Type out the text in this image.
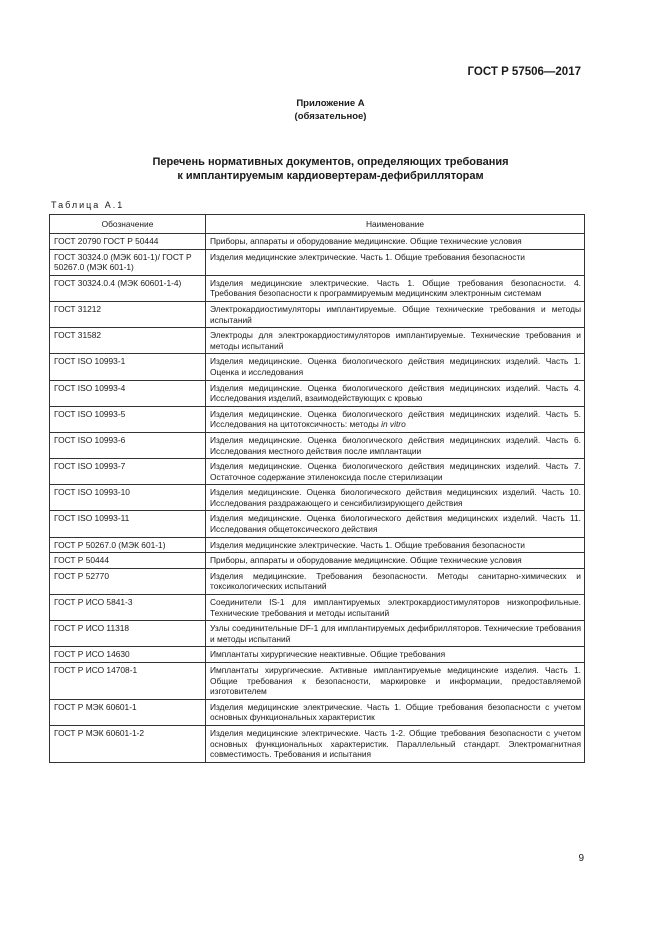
ГОСТ Р 57506—2017
Приложение А
(обязательное)
Перечень нормативных документов, определяющих требования
к имплантируемым кардиовертерам-дефибрилляторам
Таблица А.1
Обозначение	Наименование
ГОСТ 20790 ГОСТ Р 50444	Приборы, аппараты и оборудование медицинские. Общие технические условия
ГОСТ 30324.0 (МЭК 601-1)/ ГОСТ Р 50267.0 (МЭК 601-1)	Изделия медицинские электрические. Часть 1. Общие требования безопасности
ГОСТ 30324.0.4 (МЭК 60601-1-4)	Изделия медицинские электрические. Часть 1. Общие требования безопасности. 4. Требования безопасности к программируемым медицинским электронным системам
ГОСТ 31212	Электрокардиостимуляторы имплантируемые. Общие технические требования и методы испытаний
ГОСТ 31582	Электроды для электрокардиостимуляторов имплантируемые. Технические требования и методы испытаний
ГОСТ ISO 10993-1	Изделия медицинские. Оценка биологического действия медицинских изделий. Часть 1. Оценка и исследования
ГОСТ ISO 10993-4	Изделия медицинские. Оценка биологического действия медицинских изделий. Часть 4. Исследования изделий, взаимодействующих с кровью
ГОСТ ISO 10993-5	Изделия медицинские. Оценка биологического действия медицинских изделий. Часть 5. Исследования на цитотоксичность: методы in vitro
ГОСТ ISO 10993-6	Изделия медицинские. Оценка биологического действия медицинских изделий. Часть 6. Исследования местного действия после имплантации
ГОСТ ISO 10993-7	Изделия медицинские. Оценка биологического действия медицинских изделий. Часть 7. Остаточное содержание этиленоксида после стерилизации
ГОСТ ISO 10993-10	Изделия медицинские. Оценка биологического действия медицинских изделий. Часть 10. Исследования раздражающего и сенсибилизирующего действия
ГОСТ ISO 10993-11	Изделия медицинские. Оценка биологического действия медицинских изделий. Часть 11. Исследования общетоксического действия
ГОСТ Р 50267.0 (МЭК 601-1)	Изделия медицинские электрические. Часть 1. Общие требования безопасности
ГОСТ Р 50444	Приборы, аппараты и оборудование медицинские. Общие технические условия
ГОСТ Р 52770	Изделия медицинские. Требования безопасности. Методы санитарно-химических и токсикологических испытаний
ГОСТ Р ИСО 5841-3	Соединители IS-1 для имплантируемых электрокардиостимуляторов низкопрофильные. Технические требования и методы испытаний
ГОСТ Р ИСО 11318	Узлы соединительные DF-1 для имплантируемых дефибрилляторов. Технические требования и методы испытаний
ГОСТ Р ИСО 14630	Имплантаты хирургические неактивные. Общие требования
ГОСТ Р ИСО 14708-1	Имплантаты хирургические. Активные имплантируемые медицинские изделия. Часть 1. Общие требования к безопасности, маркировке и информации, предоставляемой изготовителем
ГОСТ Р МЭК 60601-1	Изделия медицинские электрические. Часть 1. Общие требования безопасности с учетом основных функциональных характеристик
ГОСТ Р МЭК 60601-1-2	Изделия медицинские электрические. Часть 1-2. Общие требования безопасности с учетом основных функциональных характеристик. Параллельный стандарт. Электромагнитная совместимость. Требования и испытания
9
